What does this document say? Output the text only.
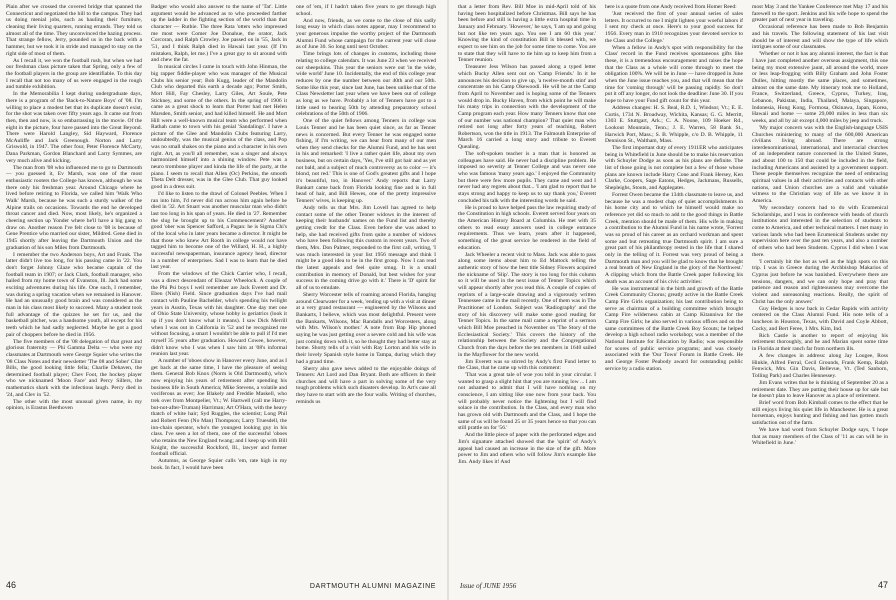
Plain after we crossed the covered bridge that spanned the Connecticut and negotiated the hill to the campus. They had us doing menial jobs, such as hauling their furniture, cleaning their living quarters, running errands. They told us almost all of the time. They unconvinced the hazing process. That strange fellow, Jerry, pounded us in the back with a hammer, but we took it in stride and managed to stay on the right side of most of them.

As I recall it, we won the football rush, but when we had our freshman class picture taken that Spring, only a few of the football players in the group are identifiable. To this day I recall that not too many of us were engaged in the rough and tumble exhibition.

In the Memorabilia I kept during undergraduate days, there is a program of the 'Back-to-Nature Boys' of '08. I'm willing to place a modest bet that its duplicate doesn't exist, for the shot was taken over fifty years ago. It came out from then, then and now, is so embarrassing in the movie. Of the eight in the picture, four have passed into the Great Beyond. There were Harold Langley, Sid Hayward, Florence McAuliffe and Jack Greenough. Norton and Larry Griswold, in 1947. The other four, Peter Florence McCarty, Dana Parkman, Gordon Blanchard and Larry Symmes, are very much alive and kicking.

The man from '08 who influenced me to go to Dartmouth — you guessed it, Ev Marsh, was one of the most enthusiastic rooters the College has known, although he was there only his freshman year. Around Chicago where he lived before retiring to Florida, we called him 'Walk Who Walk' Marsh, because he was such a sturdy walker of the Alpine trails on occasions. Towards the end he developed throat cancer and died. Now, most likely, he's organized a cheering section up Yonder where he'll have a big gang to draw on. Another reason I've felt close to '08 is because of Gene Prentice who married our sister, Mildred. Gene died in 1945 shortly after leaving the Dartmouth Union and the graduation of his son Miles from Dartmouth.

I remember the two Anderson boys, Art and Frank. The latter didn't live too long, for his passing came in '22. You don't forget Johnny Glaze who became captain of the football team in 1907; or Jack Clark, football manager, who hailed from my home town of Evanston, Ill. Jack had some exciting adventures during his life. One such, I remember, was during a spring vacation when we remained in Hanover. He had an unusually good brain and was considered as the man in his class most likely to succeed. Many a student took full advantage of the quizzes he set for us, and the basketball pitcher, was a handsome youth, all except for his teeth which he had sadly neglected. Maybe he got a good pair of choppers before he died in 1956.

The five members of the '08 delegation of that great and glorious fraternity — Phi Gamma Delta — who were my classmates at Dartmouth were George Squier who writes the '08 Class Notes and their newsletter 'The 08 and Sober' Clint Bills, the good looking little fella; Charlie Dehaven, the determined football player; Chev Foot, the hockey player who we nicknamed 'Moon Face' and Percy Sillers, the mathematics shark with the infectious laugh. Percy died in '24, and Clev in '52.

The other with the most unusual given name, in my opinion, is Erastus Beethoven

Badger who would also answer to the name of 'Tat'. Little argument would be advanced as to who proceeded farther up the ladder in the fighting section of the world than that character — Ruthie. The three Rata 'otters who impressed me most were Comer Joe Donahue, the orator, Jack Corcoran, and Ralph Crowley. Joe passed on in '55, Jack in '51, and I think Ralph died in Hawaii last year. (If I'm mistaken, Ralph, let me.) I've a great guy to sit around with and chew the fat.

In musical circles I came in touch with John Hinman, the big rapper fiddle-player who was manager of the Musical Clubs his senior year; Bob Kugg, leader of the Mandolin Club who departed this earth a decade ago; Porter Smith, Mort Hill, Fay Chesley, Larry Giles, Art Soule, Pete Stickney, and some of the others. In the spring of 1906 it came as a great shock to learn that Porter had met Helen Marsden, Smith senior, and had killed himself. He and Mort Hill were a well-known musical team who performed when Rathah came to town with his genial 'Sandalings'. I have a picture of the Glee and Mandolin Clubs featuring Larry, undoubtedly, was the musical genius of the class, and Pop was no small shakes on the piano and a character in his own right. Art, as you'll all remember, was a singer and always harmonized himself into a shining window. Pete was a neuro trombone player and kinda the life of the party, at the piano. I seem to recall that Allen (Oc) Perkins, the smooth Theta Delt dresser, was in the Glee Club. That guy looked good in a dress suit.

I'd like to listen to the drawl of Colonel Peebles. When I ran into him, I'd never did run across him again before he died in '32. Art Stuart was another muscular man who didn't last too long in his span of years. He died in '27. Remember the slug he brought up to his Commencement? Another good 'ober was Spencer Safford, a Pagan: he is Sigma Chi's of the local who in later years became a director. It might be that those who knew Art Rooth in college would not have tagged him to become one of the Willard, H. H., a highly successful newspaperman, insurance agency head, director in a number of enterprises. Sad I was to learn that he died last year.

From the windows of the Chick Carrier who, I recall, was a direct descendant of Eleazar Wheelock. A couple of the Phi Psi boys I well remember are Jack Everett and Dr. Eben (Nish) Field. Since graduation days I've had mail contact with Pauline Bachelder, who's spending his twilight years in Austin, Texas with his daughter. One day met one of Ohio State University, whose hobby is geriatrics (look it up if you don't know what it means). I saw Dick Merrill when I was out in California in '52 and he recognized me without focusing, a smart I wouldn't be able to pull if I'd met myself 35 years after graduation. Howard Cowee, however, didn't know who I was when I saw him at '08's informal reunion last year.

A number of 'oboes show in Hanover every June, and as I get back at the same time, I have the pleasure of seeing them. General Bob Knox (Norm is Old Dartmouth), who's now enjoying his years of retirement after spending his business life in South America; Mike Stevens, a volatile and vociferous as ever; Joe Blakely and Freddie Maskell, who trek over from Montpelier, Vt.; W. Hartwell (call me Harry-but-not-after-Truman) Harriman; Art O'Hara, with the heavy thatch of white hair; Syd Ruggles, the scientist; Long Phil and Robert Fenn (No Man) Thompson; Larry Truesdell, the inn-chain operator, who's the youngest looking guy in his class. I've seen a lot of them, one of the successful 'oboes who retains the New England twang; and I keep up with Bill Knight, the successful Rockford, Ill., lawyer and former football official.

Autumns, as George Squier calls 'em, rate high in my book. In fact, I would have been

one of 'em, if I hadn't taken five years to get through high school.

And now, friends, as we come to the close of this sadly long essay in which class notes appear, may I recommend to your generous impulse the worthy project of the Dartmouth Alumni Fund whose campaign for the current year will close as of June 30. So long until next October.

Time brings lots of changes in customs, including those relating to college calendars. It was June 23 when we received our sheepskins. This year the seniors were out 'in the wide, wide world' June 10. Incidentally, the end of this college year reduces by one the number between our 40th and our 50th. Some like this year, since last June, has been unlike that of the Class Newsletter last year when we have been out of college as long as we have. Probably a lot of Tenners have got to a little used to hearing 50th by attending preparatory school celebrations of the 50th of 1906.

One of the quiet fellows among Tenners in college was Louis Tenner and he has been quiet since, as far as Tenner news is concerned. But every Tenner he was engaged some fishing, if I'm writing, we can hear from many of our men when they send checks for the Alumni Fund, and he has sent in his and remarked: 'I live a rather quiet life, about my own business, but on certain days, 'Yes, I've still got hair and as yet not bald, and a subject of much controversy as to color — it's blond, not red.' This is one of God's greatest gifts and I hope it's beautiful, too, in Hanover.' Andy reports that Larry Bankart came back from Florida looking fine and is in full head of hair, and Bill Hewes, one of the pretty impressive Tenners' wives, is keeping up.

Andy tells us that Mrs. Jim Lovell has agreed to help contact some of the other Tenner widows in the interest of keeping their husbands' names on the Fund list and thereby getting credit for the Class. Even before she was asked to help, she had received gifts from quite a number of widows who have been following this custom in recent years. Two of them, Mrs. Don Palmer, responded to the first call, writing, 'I was much interested in your list 1956 message and think I might be a good idea to be in the first group. Now I can read the latest appeals and feel quite smug. It is a small contribution in memory of Donald, but best wishes for your success in the coming drive go with it.' There is 'D' spirit for all of us to emulate.

Sherry Worcester tells of roaming around Florida, hanging around Clearwater for a week, 'ending up with a visit at dinner at a very grand restaurant — engineered by the Wilsons and Bankarts, I believe, which was most delightful. Present were the Bankarts, Wilsons, Mac Randalls and Worcesters, along with Mrs. Wilson's mother.' A note from Bap Hip phoned saying he was just getting over a severe cold and his wife was just coming down with it, so he thought they had better stay at home. Shorty tells of a visit with Ray Lorton and his wife in their lovely Spanish style home in Tampa, during which they had a grand time.

Sherry also gave news added to the enjoyable doings of Tenners: Art Lord and Dan Bryant. Both are officers in their churches and will have a part in solving some of the very tough problems which such disasters develop. In Art's case all they have to start with are the four walls. Writing of churches, reminds us

46	DARTMOUTH ALUMNI MAGAZINE

that a letter from Rev. Bill Moe in mid-April told of his having been hospitalized before Christmas. Bill says he has been before and still is having a little extra hospital time in January and February. 'However,' he says, 'I am up and going but not like ten years ago. You see I am 60 this year.' Knowing the kind of constitution Bill is blessed with, we expect to see him on the job for some time to come. You are to state that they will have to tie him up to keep him from a Tenner reunion.

Treasurer Jess Wilson has passed along a typed letter which Bucky Allen sent out on 'Camp Friends.' In it he announces his decision to give up, 'a twelve-month stint' and concentrate on his Camp Okewoodi. He will be at the Camp from April to November and is hoping some of the Tenners would drop in. Bucky Haven, from which point he will make his many trips in connection with the development of the Camp program each year. How many Tenners know that one of our number was national champion? That quiet man who retired not long after forty years of teaching, Robert Robertson, won the title in 1913. The Falmouth Enterprise of March 16 carried a long story and tribute to Everett Quealing.

The soft-spoken teacher is a man that is honored as colleagues have said. He never had a discipline problem. He imposed no severity at Tenner College and was never one who was famous 'many years ago.' I enjoyed the Community but there were few more pupils. They came and went and I never had any regrets about that... 'I am glad to report that he stays strong and happy to keep us to say thank you,' Everett concluded his talk with the interesting words he said.

He is proud to have helped pass the law requiring study of the Constitution in high schools. Everett served four years on the American History Board at Columbia. He met with 35 others to read essay answers used in college entrance requirements. Thus we learn, years after it happened, something of the great service he rendered in the field of education.

Jack Wheeler a recent visit to Mass. Jack was able to pass along some items about him to Ed Mattock telling the authentic story of how the best title Sidney Flowers acquired the nickname of 'Slip'. The story is too long for this column so it will be used in the next issue of Tenner Topics which will appear shortly after you read this. A couple of copies of reprints of a large-scale drawing and a vigorously written Tennessee came in the mail recently. One of them was in The Practitioner of London. Subject was 'Radiography' and the story of his discovery will make some good reading for Tenner Topics. In the same mail came a reprint of a sermon which Bill Moe preached in November on 'The Story of the Ecclesiastical Society.' This covers the history of the relationship between the Society and the Congregational Church from the days before the ten members in 1640 sailed in the Mayflower for the new world.

Jim Everett was so stirred by Andy's first Fund letter to the Class, that he came up with this comment:

'That was a great tale of woe you told in your circular. I wanted to grasp a slight hint that you are running low ... I am not ashamed to admit that I will have nothing on my conscience, I am sitting like one now from your back. You will probably never notice the lightening but I will find solace in the contribution. In the Class, and every man who has grown old with Dartmouth and the Class, and I hope the same of us will be found 25 or 35 years hence so that you can still prattle on for '56.'

And the little piece of paper with the perforated edges and Jim's signature attached showed that the 'spirit' of Andy's appeal had caused an increase in the size of the gift. More power to Jim and others who will follow Jim's example like Jim. Andy likes it! And

here is a quote from one Andy received from Homer Reed:

'Just received the first of your annual series of sales letters. It occurred to me I might lighten your woeful labors if I sent my check at once. Here's to your good success for 1956. Every man in 1910 recognizes your devoted service to the Class and the College.'

When a fellow in Andy's spot with responsibility for the Class' record in the Fund receives spontaneous gifts like these, it is a tremendous encouragement and raises the hope that the Class as a whole will come through to meet the obligation 100%. We will be in June — have dropped in June when the June issue reaches you, and that will mean that the time for 'coming through' will be passing rapidly. So don't put it off any longer, do not look the deadline: June 30. If you hope to have your Fund gift count for this year.

Address changes: H. S. Beal, R.D. 1, Windsor, Vt.; E. E. Curtis, 1734 N. Broadway, Wichita, Kansas; G. G. Merritt, 1303 E. Stuttgart, Ark.; C. A. Noone, 109 Hoeker Rd., Lookout Mountain, Tenn.; J. E. Warren, 58 Bank St., Harwich Port, Mass.; S. B. Whipple, c/o D. B. Whipple, 11 Dennison St., Waltham, Mass.

The first important duty of every 1911ER who anticipates being in Whitefield in June should be to make his reservation with Schuyler Dodge as soon as his plans are definite. The list of those going is not complete but a few of those whose plans are known include Harry Cone and Frank Hersey, Ken Clarke, Coopers, Sage Eatons, Hedges, Jackmans, Russells, Shepleighs, Stouts, and Applegates.

Forrest Owen became the 134th classmate to leave us, and because he was a modest chap of quiet accomplishments in his home city and to which he himself would make no reference yet did so much to add to the good things in Battle Creek, mention should be made of them. His wife in making a contribution to the Alumni Fund in his name wrote, 'Forrest was so proud of his career as an orchard workman and spent some and but retreating true Dartmouth spirit. I am sure a great part of his philanthropy rested in the life that I shared only in the telling of it. Forrest was very proud of being a Dartmouth man and you will be glad to know that he brought a real breath of New England in the glory of the Northwest.' A clipping which from the Battle Creek paper following his death was an account of his civic activities:

He was instrumental in the birth and growth of the Battle Creek Community Chorus; greatly active in the Battle Creek Camp Fire Girls organization; his last contribution being to serve as chairman of a building committee which brought Camp Fire wilderness cabin at Camp Kitanniwa for the Camp Fire Girls; he also served in various offices and on the same committees of the Battle Creek Boy Scouts; he helped develop a high school radio workshop; was a member of the National Institute for Education by Radio; was responsible for scores of public service programs; and was closely associated with the 'Our Town' Forum in Battle Creek. He and George Foster Peabody award for outstanding public service by a radio station.

most May 3 and the Yankee Conference met May 17 and his farewell to the sport. Jenkins and his wife hope to spend the greater part of next year in traveling.

Occasional reference has been made to Bob Benjamin and his travels. The following statement of his last visit should be of interest and will show the type of life which intrigues some of our classmates.

'Whether or not it has any alumni interest, the fact is that I have just completed another overseas assignment, this one being my most extensive jaunt, all around the world, more or less leap-frogging with Billy Graham and John Foster Dulles, hitting mostly the same places, and sometimes, almost on the same date. My itinerary took me to Holland, France, Switzerland, Greece, Cyprus, Turkey, Iraq, Lebanon, Pakistan, India, Thailand, Malaya, Singapore, Indonesia, Hong Kong, Formosa, Okinawa, Japan, Korea, Hawaii and home — some 29,000 miles in less than six weeks, and all by air except 4,000 miles by jeep and truck.

'My major concern was with the English-language USIS Churches ministering to many of the 600,000 American civilians living abroad. There are strong interdenominational, international, and interracial churches of an independent nature concerned in the United States, and about 100 to 150 that could be included in the field, including Americans and assisted by a government support. These people themselves recognize the need of embracing spiritual values in all their activities and contacts with other nations, and Union churches are a valid and valuable witness to the Christian way of life as we know it in America.

'My secondary concern had to do with Ecumenical Scholarships, and I was in conference with heads of church institutions and interested in the selection of students to come to America, and other technical matters. I met many in various lands who had been Ecumenical Students under my supervision here over the past ten years, and also a number of others who had been Students. Cyprus I did when I was there.

'I certainly hit the hot as well as the high spots on this trip. I was in Greece during the Archbishop Makarios of Cyprus just before he was banished. Everywhere there are tensions, dangers, and we can only hope and pray that patience and reason and righteousness may overcome the violent and unreasoning reactions. Really, the spirit of Christ has the only answer.'

Guy Hedges is now back in Cedar Rapids with activity centered on the Class Alumni Fund. His note tells of a luncheon in Houston, Texas, with David and Coyle Abbott, Cocky, and Bert Feree, 1 Mrs. Kim, Ind.

Rich Castle is another to report of enjoying his retirement thoroughly, and he and Marian spent some time in Florida at their ranch far from northern ills.

A few changes in address: along Jay Lougee, Ross Hinkle, Alfred Ferral, Cecil Grounds, Frank Kemp, Ralph Fenwick, Mrs. Gin Davis, Bellevue, Vt. (Ted Sanborn, Tolling Park) and Charles Hennessey.

Jim Evans writes that he is thinking of September 20 as a retirement date. They are putting their house up for sale but he doesn't plan to leave Hanover as a place of retirement.

Brief word from Bob Kimball comes to the effect that he still enjoys living his quiet life in Manchester. He is a great horseman, enjoys hunting and fishing and has gotten much satisfaction out of the farm.

We have had word from Schuyler Dodge says, 'I hope that as many members of the Class of '11 as can will be in Whitefield in June.'

Issue of JUNE 1956	47
